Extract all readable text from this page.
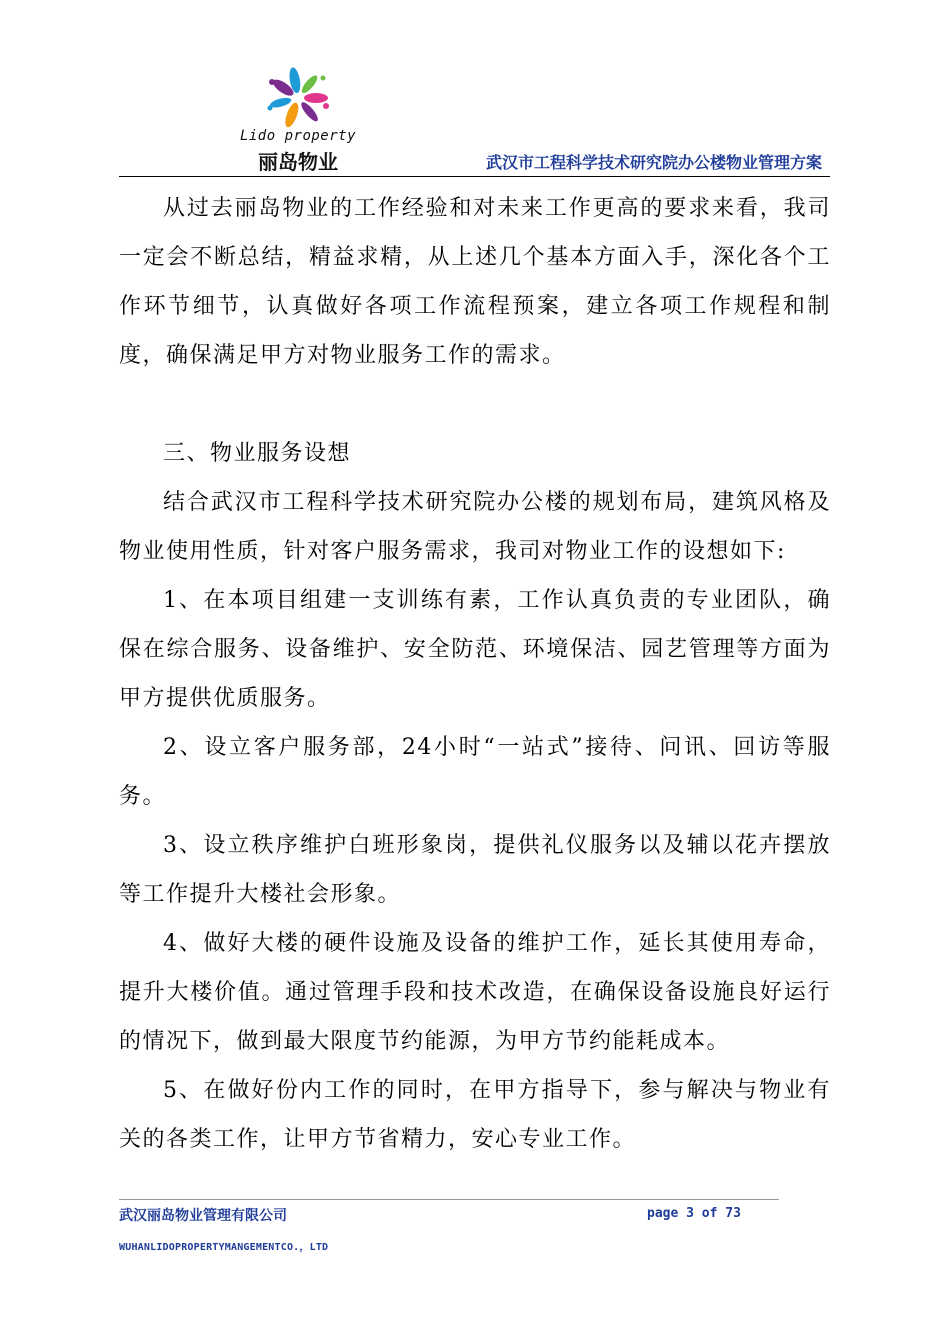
Lido property
丽岛物业	武汉市工程科学技术研究院办公楼物业管理方案

从过去丽岛物业的工作经验和对未来工作更高的要求来看，我司一定会不断总结，精益求精，从上述几个基本方面入手，深化各个工作环节细节，认真做好各项工作流程预案，建立各项工作规程和制度，确保满足甲方对物业服务工作的需求。

三、物业服务设想

结合武汉市工程科学技术研究院办公楼的规划布局，建筑风格及物业使用性质，针对客户服务需求，我司对物业工作的设想如下:

1、在本项目组建一支训练有素，工作认真负责的专业团队，确保在综合服务、设备维护、安全防范、环境保洁、园艺管理等方面为甲方提供优质服务。

2、设立客户服务部，24小时“一站式”接待、问讯、回访等服务。

3、设立秩序维护白班形象岗，提供礼仪服务以及辅以花卉摆放等工作提升大楼社会形象。

4、做好大楼的硬件设施及设备的维护工作，延长其使用寿命，提升大楼价值。通过管理手段和技术改造，在确保设备设施良好运行的情况下，做到最大限度节约能源，为甲方节约能耗成本。

5、在做好份内工作的同时，在甲方指导下，参与解决与物业有关的各类工作，让甲方节省精力，安心专业工作。

武汉丽岛物业管理有限公司	page 3 of 73
WUHANLIDOPROPERTYMANGEMENTCO.，LTD
